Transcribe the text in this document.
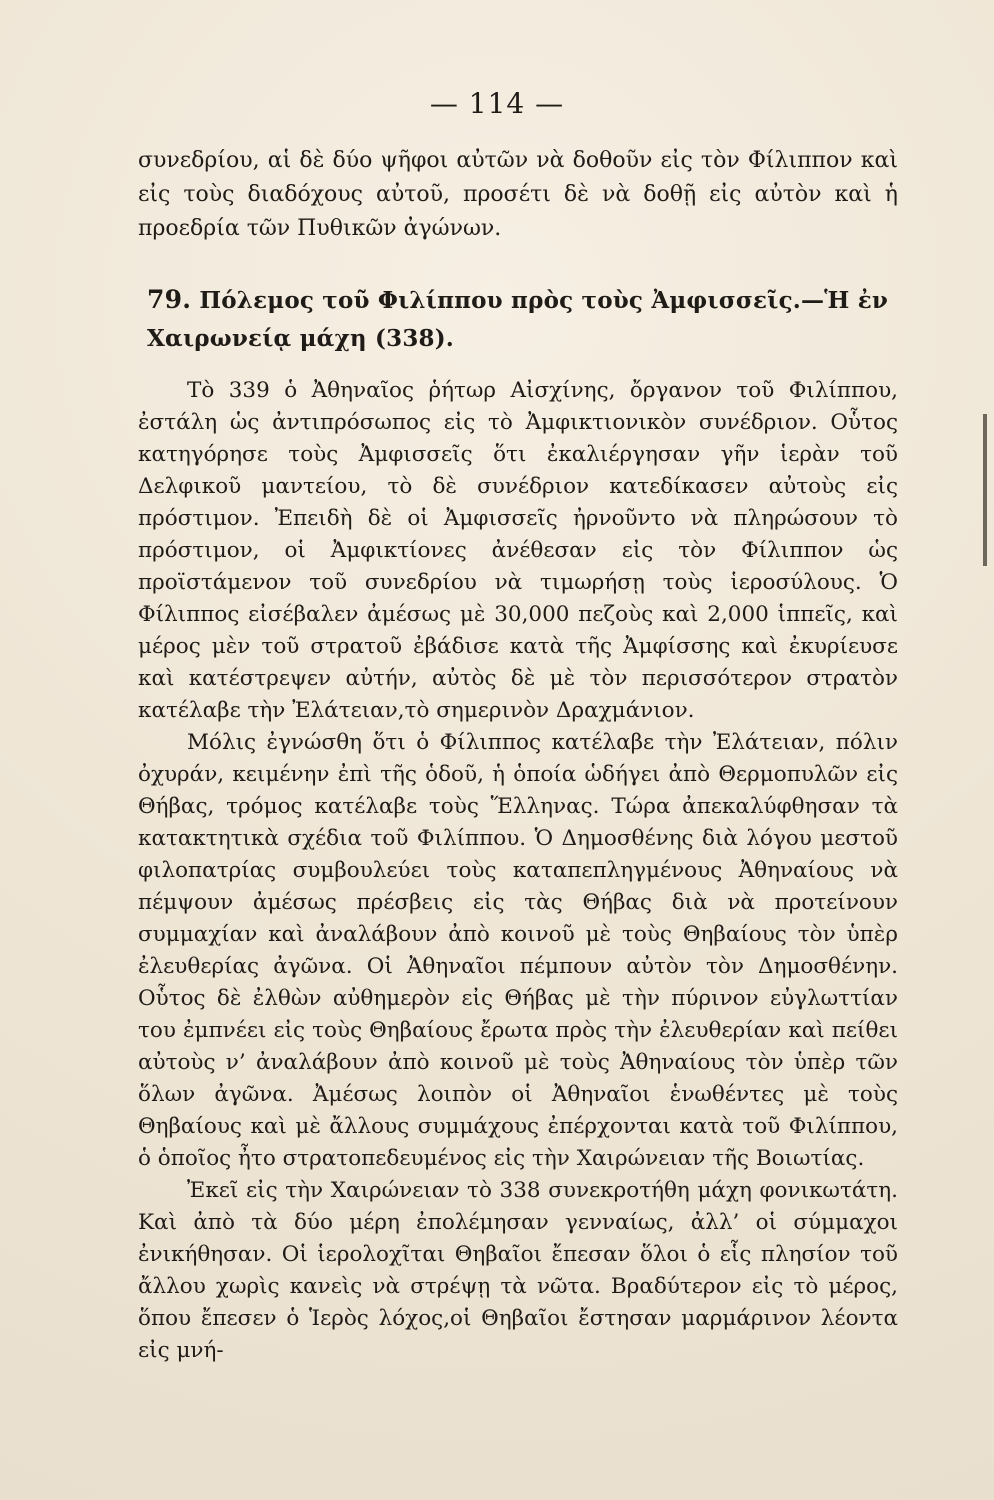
— 114 —

συνεδρίου, αἱ δὲ δύο ψῆφοι αὐτῶν νὰ δοθοῦν εἰς τὸν Φίλιππον καὶ εἰς τοὺς διαδόχους αὐτοῦ, προσέτι δὲ νὰ δοθῇ εἰς αὐτὸν καὶ ἡ προεδρία τῶν Πυθικῶν ἀγώνων.

79. Πόλεμος τοῦ Φιλίππου πρὸς τοὺς Ἀμφισσεῖς.—Ἡ ἐν Χαιρωνείᾳ μάχη (338).

Τὸ 339 ὁ Ἀθηναῖος ῥήτωρ Αἰσχίνης, ὄργανον τοῦ Φιλίππου, ἐστάλη ὡς ἀντιπρόσωπος εἰς τὸ Ἀμφικτιονικὸν συνέδριον. Οὗτος κατηγόρησε τοὺς Ἀμφισσεῖς ὅτι ἐκαλιέργησαν γῆν ἱερὰν τοῦ Δελφικοῦ μαντείου, τὸ δὲ συνέδριον κατεδίκασεν αὐτοὺς εἰς πρόστιμον. Ἐπειδὴ δὲ οἱ Ἀμφισσεῖς ἠρνοῦντο νὰ πληρώσουν τὸ πρόστιμον, οἱ Ἀμφικτίονες ἀνέθεσαν εἰς τὸν Φίλιππον ὡς προϊστάμενον τοῦ συνεδρίου νὰ τιμωρήσῃ τοὺς ἱεροσύλους. Ὁ Φίλιππος εἰσέβαλεν ἀμέσως μὲ 30,000 πεζοὺς καὶ 2,000 ἱππεῖς, καὶ μέρος μὲν τοῦ στρατοῦ ἐβάδισε κατὰ τῆς Ἀμφίσσης καὶ ἐκυρίευσε καὶ κατέστρεψεν αὐτήν, αὐτὸς δὲ μὲ τὸν περισσότερον στρατὸν κατέλαβε τὴν Ἐλάτειαν,τὸ σημερινὸν Δραχμάνιον.

Μόλις ἐγνώσθη ὅτι ὁ Φίλιππος κατέλαβε τὴν Ἐλάτειαν, πόλιν ὀχυράν, κειμένην ἐπὶ τῆς ὁδοῦ, ἡ ὁποία ὡδήγει ἀπὸ Θερμοπυλῶν εἰς Θήβας, τρόμος κατέλαβε τοὺς Ἕλληνας. Τώρα ἀπεκαλύφθησαν τὰ κατακτητικὰ σχέδια τοῦ Φιλίππου. Ὁ Δημοσθένης διὰ λόγου μεστοῦ φιλοπατρίας συμβουλεύει τοὺς καταπεπληγμένους Ἀθηναίους νὰ πέμψουν ἀμέσως πρέσβεις εἰς τὰς Θήβας διὰ νὰ προτείνουν συμμαχίαν καὶ ἀναλάβουν ἀπὸ κοινοῦ μὲ τοὺς Θηβαίους τὸν ὑπὲρ ἐλευθερίας ἀγῶνα. Οἱ Ἀθηναῖοι πέμπουν αὐτὸν τὸν Δημοσθένην. Οὗτος δὲ ἐλθὼν αὐθημερὸν εἰς Θήβας μὲ τὴν πύρινον εὐγλωττίαν του ἐμπνέει εἰς τοὺς Θηβαίους ἔρωτα πρὸς τὴν ἐλευθερίαν καὶ πείθει αὐτοὺς ν’ ἀναλάβουν ἀπὸ κοινοῦ μὲ τοὺς Ἀθηναίους τὸν ὑπὲρ τῶν ὅλων ἀγῶνα. Ἀμέσως λοιπὸν οἱ Ἀθηναῖοι ἑνωθέντες μὲ τοὺς Θηβαίους καὶ μὲ ἄλλους συμμάχους ἐπέρχονται κατὰ τοῦ Φιλίππου, ὁ ὁποῖος ἦτο στρατοπεδευμένος εἰς τὴν Χαιρώνειαν τῆς Βοιωτίας.

Ἐκεῖ εἰς τὴν Χαιρώνειαν τὸ 338 συνεκροτήθη μάχη φονικωτάτη. Καὶ ἀπὸ τὰ δύο μέρη ἐπολέμησαν γενναίως, ἀλλ’ οἱ σύμμαχοι ἐνικήθησαν. Οἱ ἱερολοχῖται Θηβαῖοι ἔπεσαν ὅλοι ὁ εἷς πλησίον τοῦ ἄλλου χωρὶς κανεὶς νὰ στρέψῃ τὰ νῶτα. Βραδύτερον εἰς τὸ μέρος, ὅπου ἔπεσεν ὁ Ἱερὸς λόχος,οἱ Θηβαῖοι ἔστησαν μαρμάρινον λέοντα εἰς μνή-
